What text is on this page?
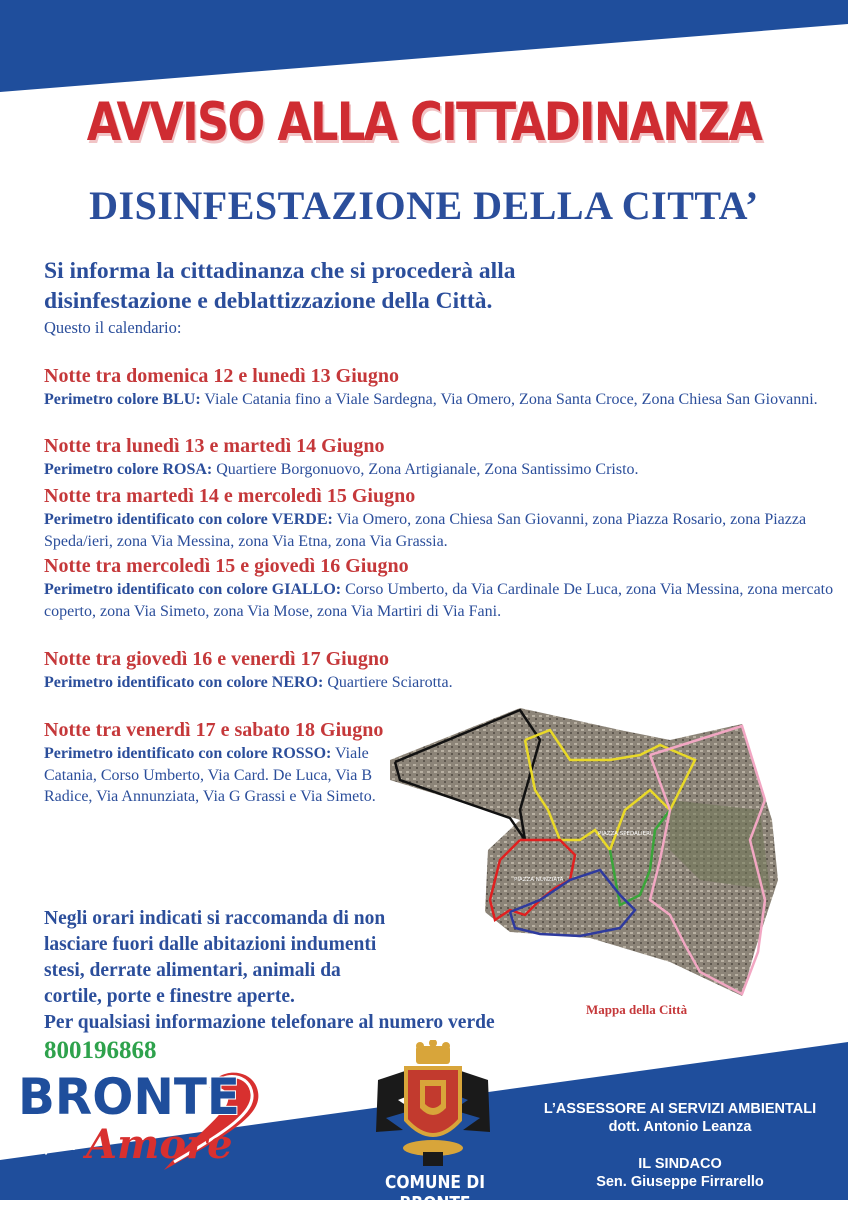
AVVISO ALLA CITTADINANZA
DISINFESTAZIONE DELLA CITTA’
Si informa la cittadinanza che si procederà alla
disinfestazione e deblattizzazione della Città.
Questo il calendario:
Notte tra domenica 12 e lunedì 13 Giugno
Perimetro colore BLU: Viale Catania fino a Viale Sardegna, Via Omero, Zona Santa Croce, Zona Chiesa San Giovanni.
Notte tra lunedì 13 e martedì 14 Giugno
Perimetro colore ROSA: Quartiere Borgonuovo, Zona Artigianale, Zona Santissimo Cristo.
Notte tra martedì 14 e mercoledì 15 Giugno
Perimetro identificato con colore VERDE: Via Omero, zona Chiesa San Giovanni, zona Piazza Rosario, zona Piazza Speda/ieri, zona Via Messina, zona Via Etna, zona Via Grassia.
Notte tra mercoledì 15 e giovedì 16 Giugno
Perimetro identificato con colore GIALLO: Corso Umberto, da Via Cardinale De Luca, zona Via Messina, zona mercato coperto, zona Via Simeto, zona Via Mose, zona Via Martiri di Via Fani.
Notte tra giovedì 16 e venerdì 17 Giugno
Perimetro identificato con colore NERO: Quartiere Sciarotta.
Notte tra venerdì 17 e sabato 18 Giugno
Perimetro identificato con colore ROSSO: Viale Catania, Corso Umberto, Via Card. De Luca, Via B Radice, Via Annunziata, Via G Grassi e Via Simeto.
PIAZZA NUNZIATA
PIAZZA SPEDALIERI
Mappa della Città
Negli orari indicati si raccomanda di non
lasciare fuori dalle abitazioni indumenti
stesi, derrate alimentari, animali da
cortile, porte e finestre aperte.
Per qualsiasi informazione telefonare al numero verde
800196868
BRONTE
per Amore
COMUNE DI BRONTE
L’ASSESSORE AI SERVIZI AMBIENTALI
dott. Antonio Leanza
IL SINDACO
Sen. Giuseppe Firrarello
